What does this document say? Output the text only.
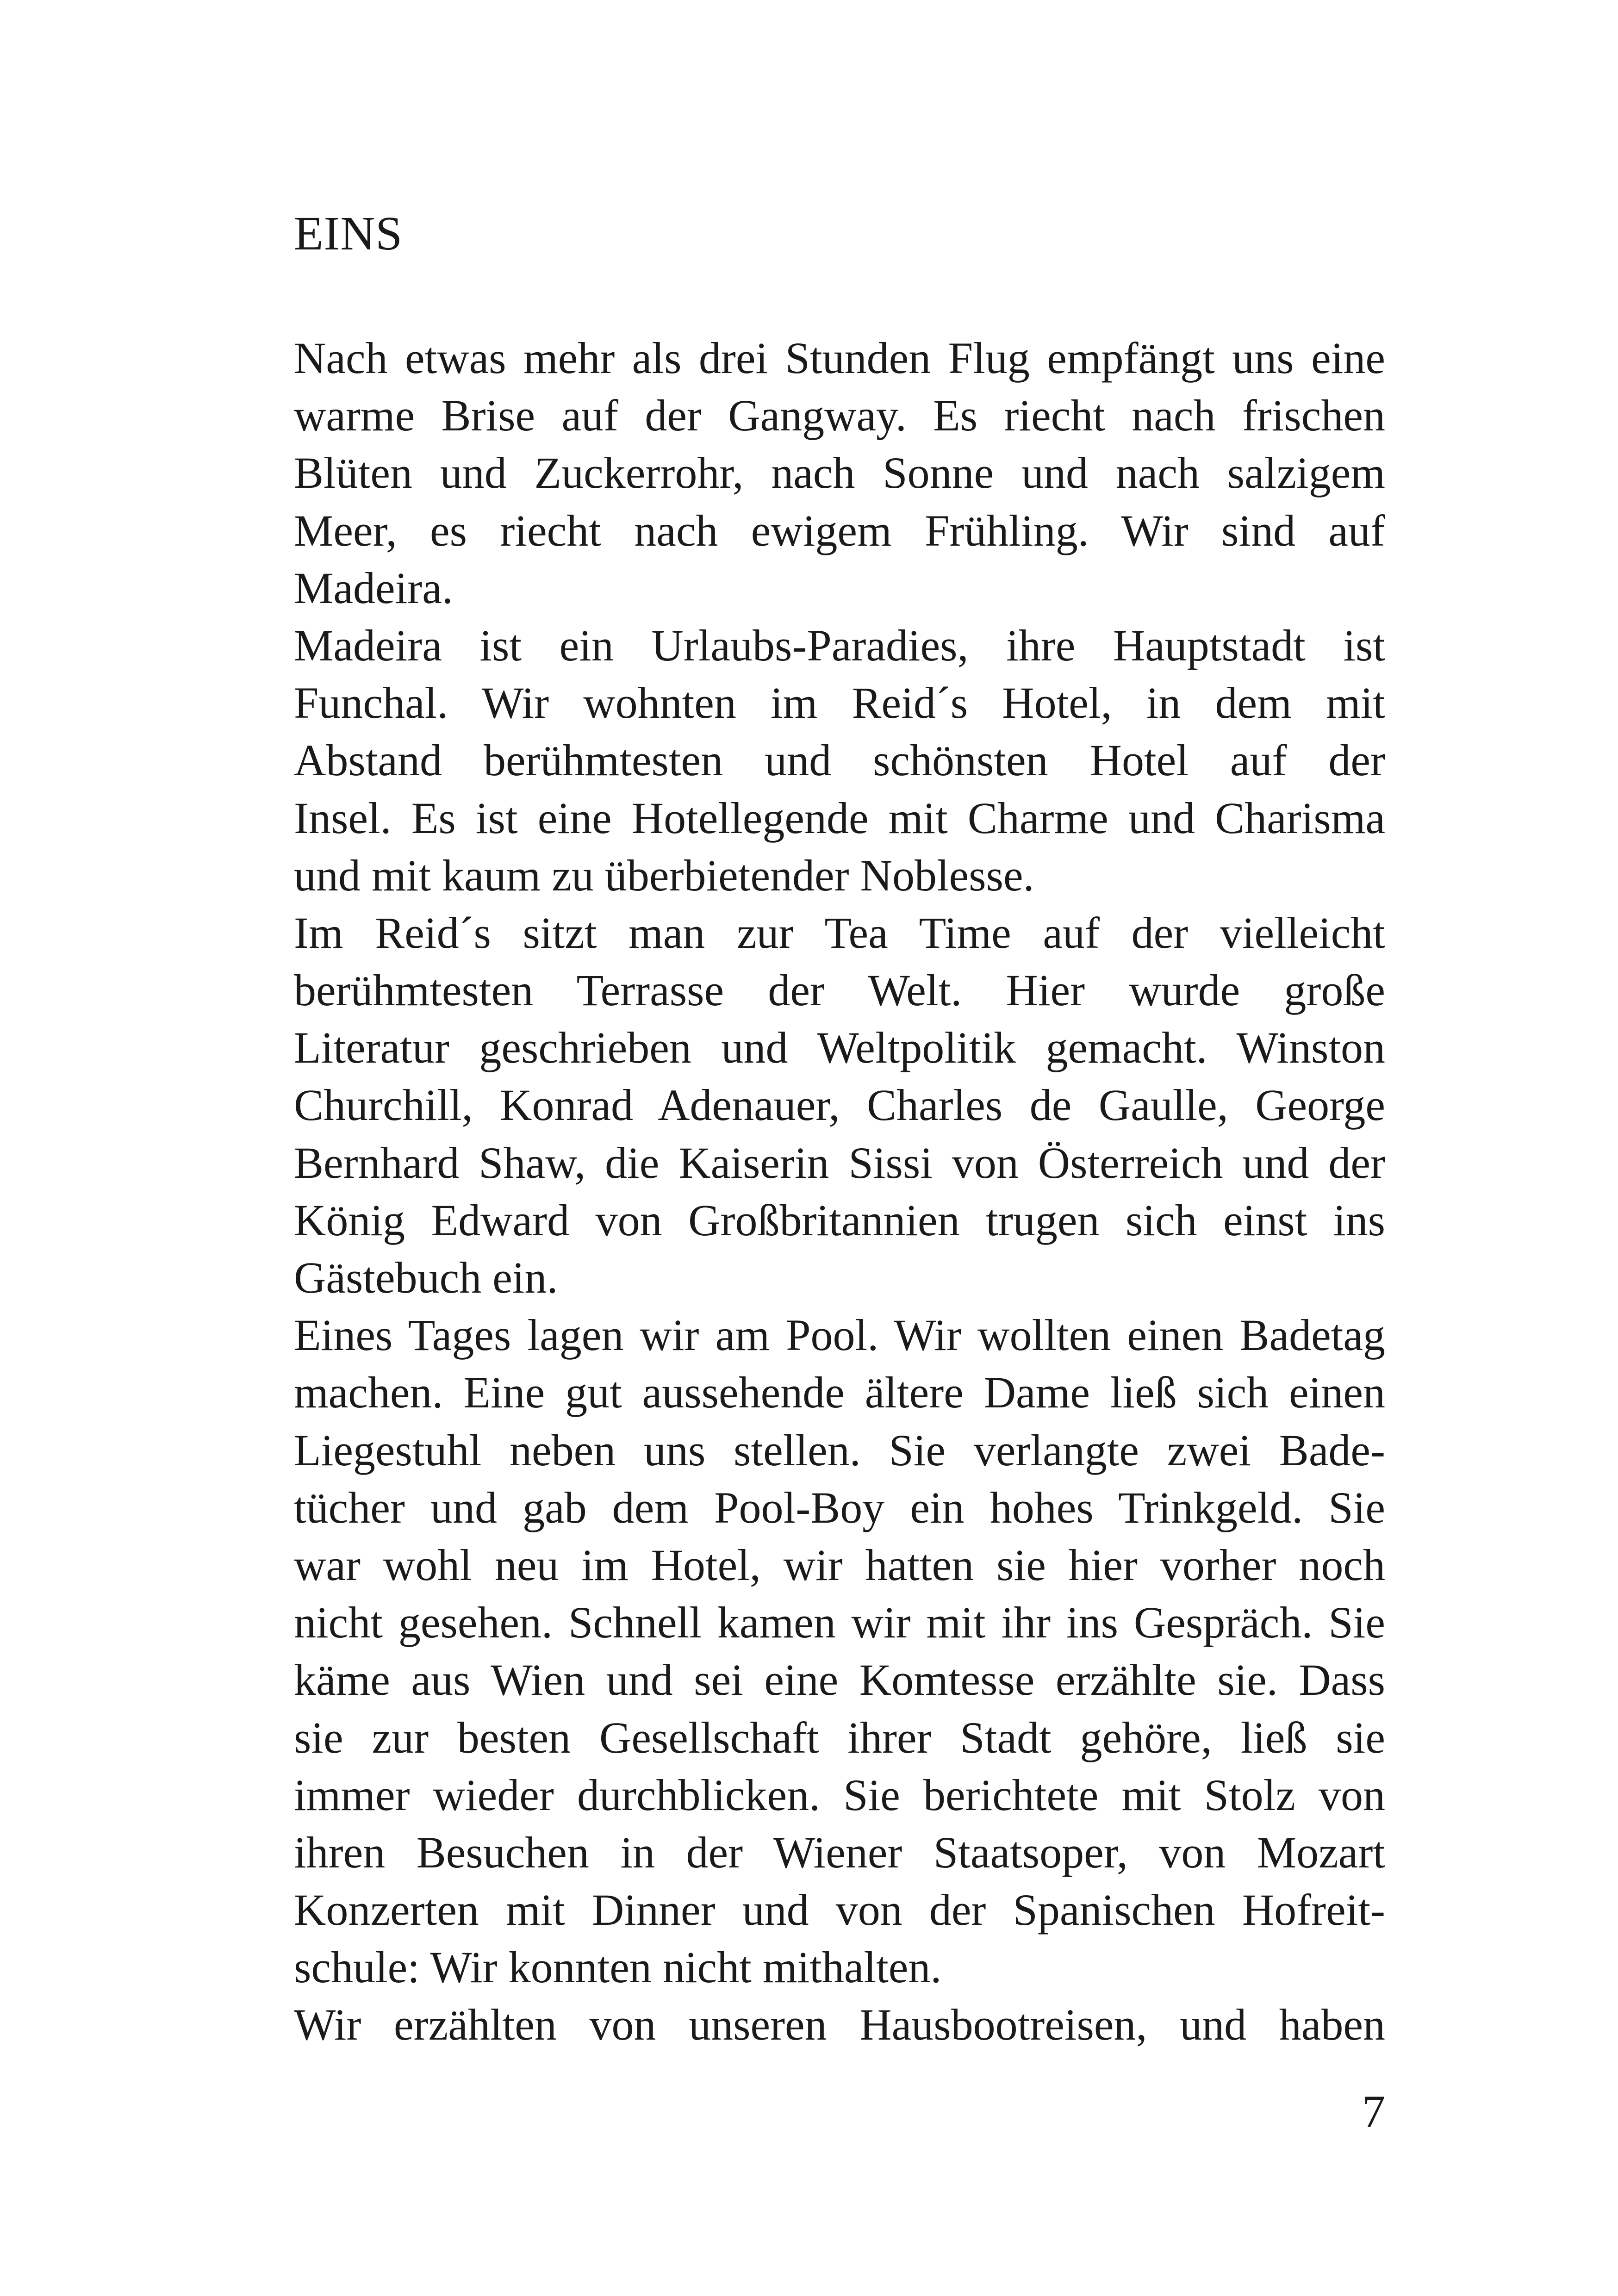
EINS
Nach etwas mehr als drei Stunden Flug empfängt uns eine
warme Brise auf der Gangway. Es riecht nach frischen
Blüten und Zuckerrohr, nach Sonne und nach salzigem
Meer, es riecht nach ewigem Frühling. Wir sind auf
Madeira.
Madeira ist ein Urlaubs-Paradies, ihre Hauptstadt ist
Funchal. Wir wohnten im Reid´s Hotel, in dem mit
Abstand berühmtesten und schönsten Hotel auf der
Insel. Es ist eine Hotellegende mit Charme und Charisma
und mit kaum zu überbietender Noblesse.
Im Reid´s sitzt man zur Tea Time auf der vielleicht
berühmtesten Terrasse der Welt. Hier wurde große
Literatur geschrieben und Weltpolitik gemacht. Winston
Churchill, Konrad Adenauer, Charles de Gaulle, George
Bernhard Shaw, die Kaiserin Sissi von Österreich und der
König Edward von Großbritannien trugen sich einst ins
Gästebuch ein.
Eines Tages lagen wir am Pool. Wir wollten einen Badetag
machen. Eine gut aussehende ältere Dame ließ sich einen
Liegestuhl neben uns stellen. Sie verlangte zwei Bade-
tücher und gab dem Pool-Boy ein hohes Trinkgeld. Sie
war wohl neu im Hotel, wir hatten sie hier vorher noch
nicht gesehen. Schnell kamen wir mit ihr ins Gespräch. Sie
käme aus Wien und sei eine Komtesse erzählte sie. Dass
sie zur besten Gesellschaft ihrer Stadt gehöre, ließ sie
immer wieder durchblicken. Sie berichtete mit Stolz von
ihren Besuchen in der Wiener Staatsoper, von Mozart
Konzerten mit Dinner und von der Spanischen Hofreit-
schule: Wir konnten nicht mithalten.
Wir erzählten von unseren Hausbootreisen, und haben
7
